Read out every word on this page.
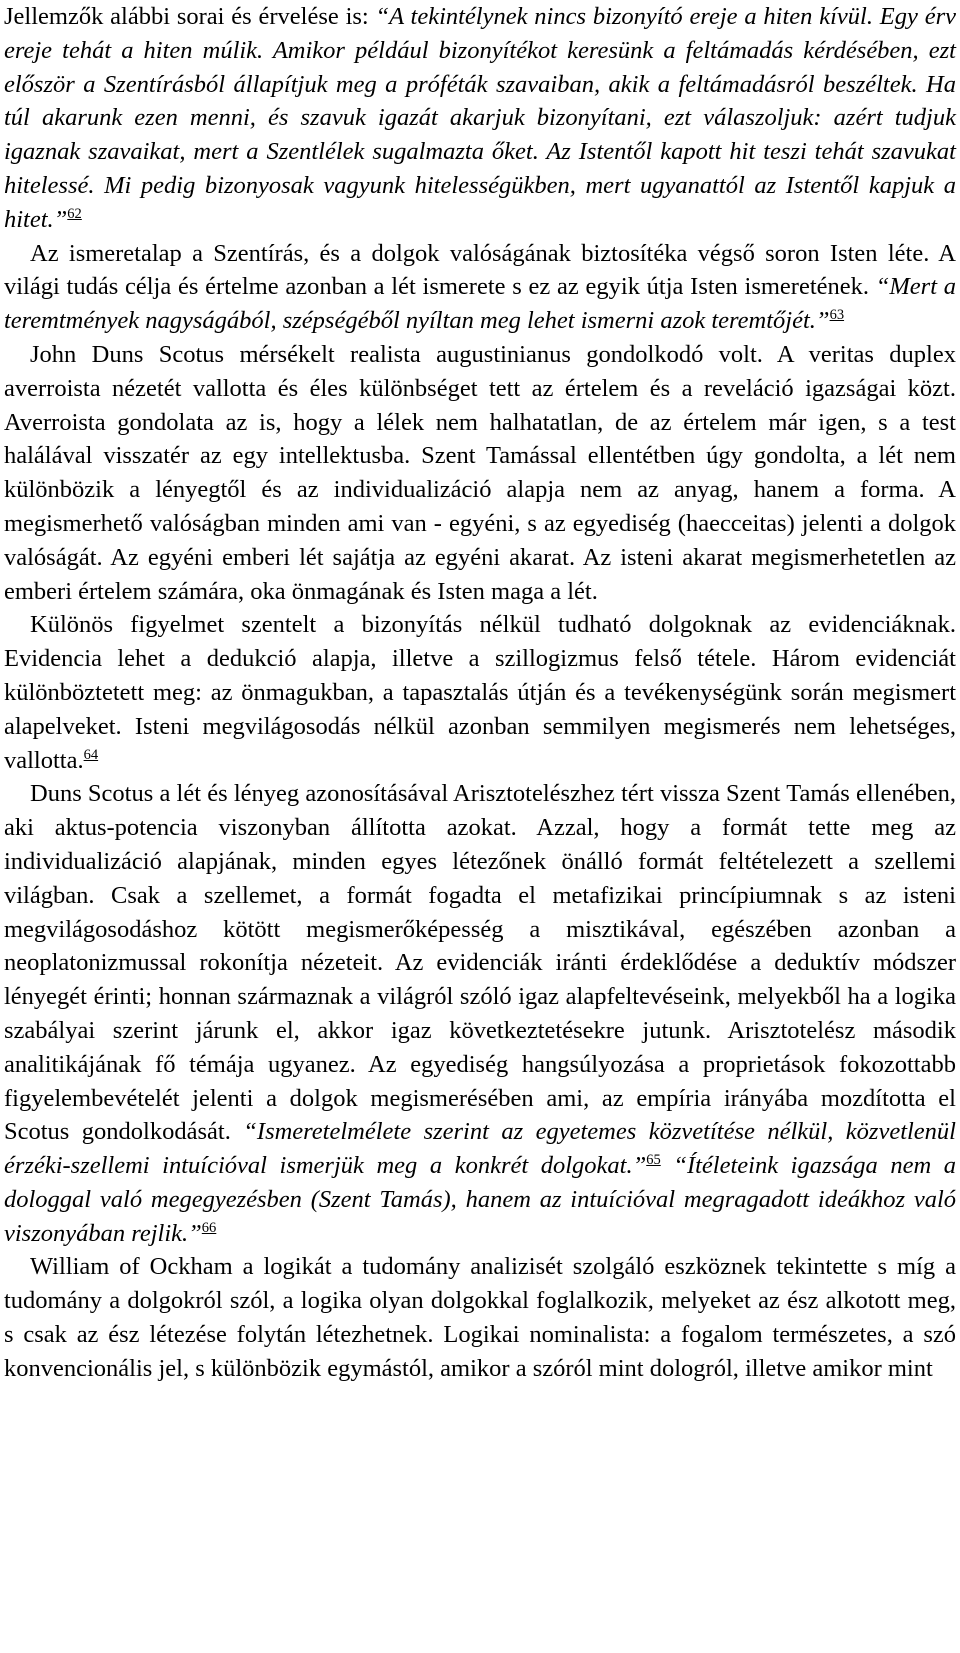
Jellemzők alábbi sorai és érvelése is: “A tekintélynek nincs bizonyító ereje a hiten kívül. Egy érv ereje tehát a hiten múlik. Amikor például bizonyítékot keresünk a feltámadás kérdésében, ezt először a Szentírásból állapítjuk meg a próféták szavaiban, akik a feltámadásról beszéltek. Ha túl akarunk ezen menni, és szavuk igazát akarjuk bizonyítani, ezt válaszoljuk: azért tudjuk igaznak szavaikat, mert a Szentlélek sugalmazta őket. Az Istentől kapott hit teszi tehát szavukat hitelessé. Mi pedig bizonyosak vagyunk hitelességükben, mert ugyanattól az Istentől kapjuk a hitet.”$^{62}$

Az ismeretalap a Szentírás, és a dolgok valóságának biztosítéka végső soron Isten léte. A világi tudás célja és értelme azonban a lét ismerete s ez az egyik útja Isten ismeretének. “Mert a teremtmények nagyságából, szépségéből nyíltan meg lehet ismerni azok teremtőjét.”$^{63}$

John Duns Scotus mérsékelt realista augustinianus gondolkodó volt. A veritas duplex averroista nézetét vallotta és éles különbséget tett az értelem és a reveláció igazságai közt. Averroista gondolata az is, hogy a lélek nem halhatatlan, de az értelem már igen, s a test halálával visszatér az egy intellektusba. Szent Tamással ellentétben úgy gondolta, a lét nem különbözik a lényegtől és az individualizáció alapja nem az anyag, hanem a forma. A megismerhető valóságban minden ami van - egyéni, s az egyediség (haecceitas) jelenti a dolgok valóságát. Az egyéni emberi lét sajátja az egyéni akarat. Az isteni akarat megismerhetetlen az emberi értelem számára, oka önmagának és Isten maga a lét.

Különös figyelmet szentelt a bizonyítás nélkül tudható dolgoknak az evidenciáknak. Evidencia lehet a dedukció alapja, illetve a szillogizmus felső tétele. Három evidenciát különböztetett meg: az önmagukban, a tapasztalás útján és a tevékenységünk során megismert alapelveket. Isteni megvilágosodás nélkül azonban semmilyen megismerés nem lehetséges, vallotta.$^{64}$

Duns Scotus a lét és lényeg azonosításával Arisztotelészhez tért vissza Szent Tamás ellenében, aki aktus-potencia viszonyban állította azokat. Azzal, hogy a formát tette meg az individualizáció alapjának, minden egyes létezőnek önálló formát feltételezett a szellemi világban. Csak a szellemet, a formát fogadta el metafizikai princípiumnak s az isteni megvilágosodáshoz kötött megismerőképesség a misztikával, egészében azonban a neoplatonizmussal rokonítja nézeteit. Az evidenciák iránti érdeklődése a deduktív módszer lényegét érinti; honnan származnak a világról szóló igaz alapfeltevéseink, melyekből ha a logika szabályai szerint járunk el, akkor igaz következtetésekre jutunk. Arisztotelész második analitikájának fő témája ugyanez. Az egyediség hangsúlyozása a proprietások fokozottabb figyelembevételét jelenti a dolgok megismerésében ami, az empíria irányába mozdította el Scotus gondolkodását. “Ismeretelmélete szerint az egyetemes közvetítése nélkül, közvetlenül érzéki-szellemi intuícióval ismerjük meg a konkrét dolgokat.”$^{65}$ “Ítéleteink igazsága nem a dologgal való megegyezésben (Szent Tamás), hanem az intuícióval megragadott ideákhoz való viszonyában rejlik.”$^{66}$

William of Ockham a logikát a tudomány analizisét szolgáló eszköznek tekintette s míg a tudomány a dolgokról szól, a logika olyan dolgokkal foglalkozik, melyeket az ész alkotott meg, s csak az ész létezése folytán létezhetnek. Logikai nominalista: a fogalom természetes, a szó konvencionális jel, s különbözik egymástól, amikor a szóról mint dologról, illetve amikor mint
